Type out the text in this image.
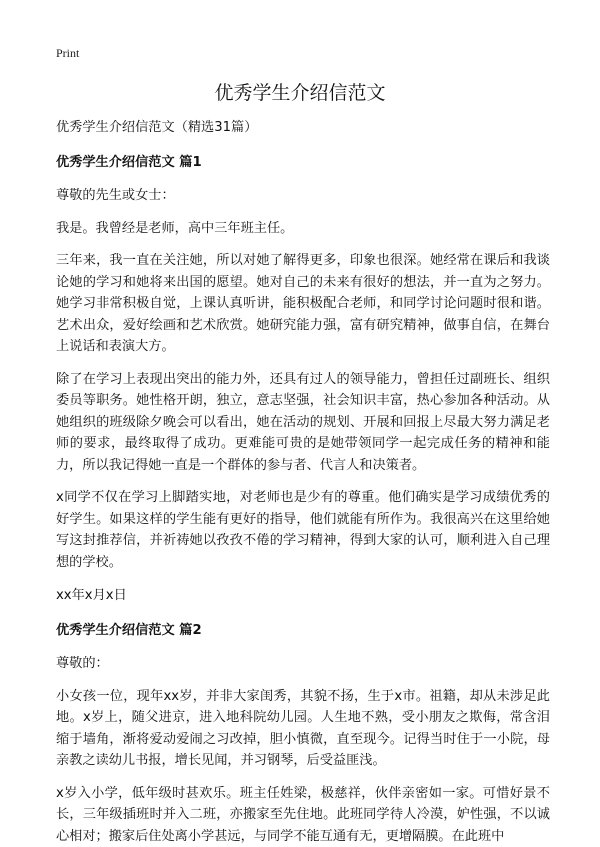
Print
优秀学生介绍信范文

优秀学生介绍信范文（精选31篇）

优秀学生介绍信范文 篇1

尊敬的先生或女士：

我是。我曾经是老师，高中三年班主任。

三年来，我一直在关注她，所以对她了解得更多，印象也很深。她经常在课后和我谈论她的学习和她将来出国的愿望。她对自己的未来有很好的想法，并一直为之努力。她学习非常积极自觉，上课认真听讲，能积极配合老师，和同学讨论问题时很和谐。艺术出众，爱好绘画和艺术欣赏。她研究能力强，富有研究精神，做事自信，在舞台上说话和表演大方。

除了在学习上表现出突出的能力外，还具有过人的领导能力，曾担任过副班长、组织委员等职务。她性格开朗，独立，意志坚强，社会知识丰富，热心参加各种活动。从她组织的班级除夕晚会可以看出，她在活动的规划、开展和回报上尽最大努力满足老师的要求，最终取得了成功。更难能可贵的是她带领同学一起完成任务的精神和能力，所以我记得她一直是一个群体的参与者、代言人和决策者。

x同学不仅在学习上脚踏实地，对老师也是少有的尊重。他们确实是学习成绩优秀的好学生。如果这样的学生能有更好的指导，他们就能有所作为。我很高兴在这里给她写这封推荐信，并祈祷她以孜孜不倦的学习精神，得到大家的认可，顺利进入自己理想的学校。

xx年x月x日

优秀学生介绍信范文 篇2

尊敬的：

小女孩一位，现年xx岁，并非大家闺秀，其貌不扬，生于x市。祖籍，却从未涉足此地。x岁上，随父进京，进入地科院幼儿园。人生地不熟，受小朋友之欺侮，常含泪缩于墙角，渐将爱动爱闹之习改掉，胆小慎微，直至现今。记得当时住于一小院，母亲教之读幼儿书报，增长见闻，并习钢琴，后受益匪浅。

x岁入小学，低年级时甚欢乐。班主任姓梁，极慈祥，伙伴亲密如一家。可惜好景不长，三年级插班时并入二班，亦搬家至先住地。此班同学待人冷漠，妒性强，不以诚心相对；搬家后住处离小学甚远，与同学不能互通有无，更增隔膜。在此班中
